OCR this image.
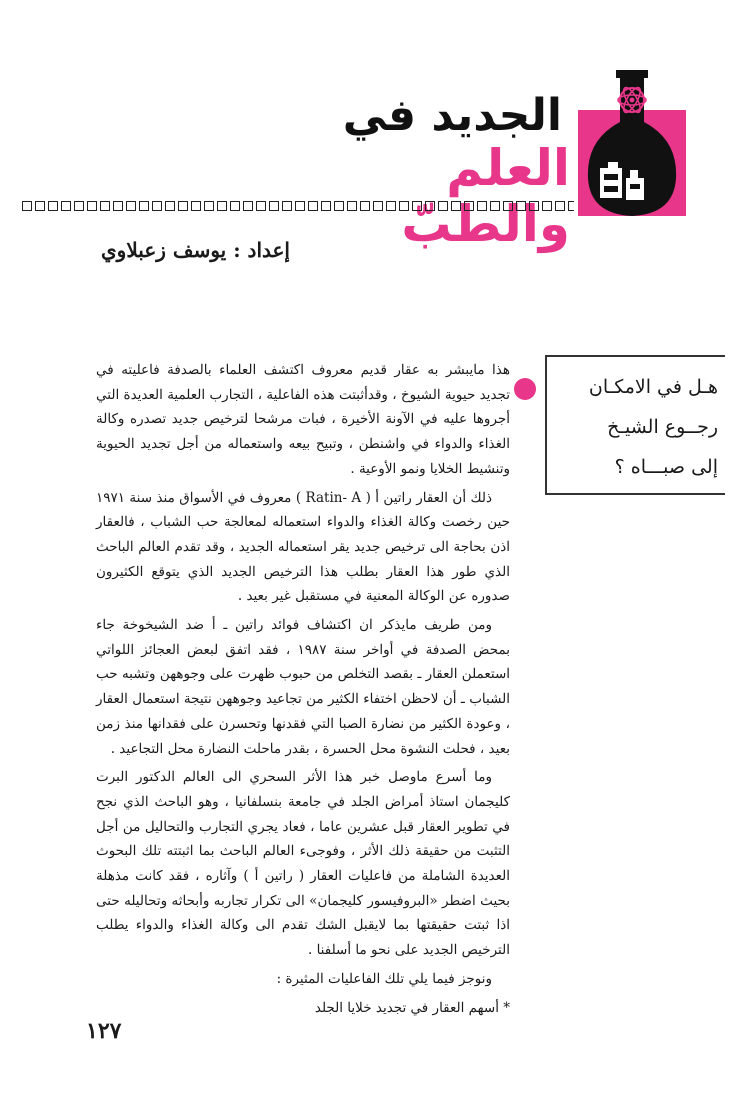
الجديد في
العلم والطبّ
إعداد : يوسف زعبلاوي
هـل في الامكـان
رجــوع الشيـخ
إلى صبـــاه ؟

هذا مايبشر به عقار قديم معروف اكتشف العلماء بالصدفة فاعليته في تجديد حيوية الشيوخ ، وقدأثبتت هذه الفاعلية ، التجارب العلمية العديدة التي أجروها عليه في الآونة الأخيرة ، فبات مرشحا لترخيص جديد تصدره وكالة الغذاء والدواء في واشنطن ، وتبيح بيعه واستعماله من أجل تجديد الحيوية وتنشيط الخلايا ونمو الأوعية .

ذلك أن العقار راتين أ ( Ratin- A ) معروف في الأسواق منذ سنة ١٩٧١ حين رخصت وكالة الغذاء والدواء استعماله لمعالجة حب الشباب ، فالعقار اذن بحاجة الى ترخيص جديد يقر استعماله الجديد ، وقد تقدم العالم الباحث الذي طور هذا العقار بطلب هذا الترخيص الجديد الذي يتوقع الكثيرون صدوره عن الوكالة المعنية في مستقبل غير بعيد .

ومن طريف مايذكر ان اكتشاف فوائد راتين ـ أ ضد الشيخوخة جاء بمحض الصدفة في أواخر سنة ١٩٨٧ ، فقد اتفق لبعض العجائز اللواتي استعملن العقار ـ بقصد التخلص من حبوب ظهرت على وجوههن وتشبه حب الشباب ـ أن لاحظن اختفاء الكثير من تجاعيد وجوههن نتيجة استعمال العقار ، وعودة الكثير من نضارة الصبا التي فقدنها وتحسرن على فقدانها منذ زمن بعيد ، فحلت النشوة محل الحسرة ، بقدر ماحلت النضارة محل التجاعيد .

وما أسرع ماوصل خبر هذا الأثر السحري الى العالم الدكتور البرت كليجمان استاذ أمراض الجلد في جامعة بنسلفانيا ، وهو الباحث الذي نجح في تطوير العقار قبل عشرين عاما ، فعاد يجري التجارب والتحاليل من أجل التثبت من حقيقة ذلك الأثر ، وفوجىء العالم الباحث بما اثبتته تلك البحوث العديدة الشاملة من فاعليات العقار ( راتين أ ) وآثاره ، فقد كانت مذهلة بحيث اضطر «البروفيسور كليجمان» الى تكرار تجاربه وأبحاثه وتحاليله حتى اذا ثبتت حقيقتها بما لايقبل الشك تقدم الى وكالة الغذاء والدواء يطلب الترخيص الجديد على نحو ما أسلفنا .

ونوجز فيما يلي تلك الفاعليات المثيرة :

* أسهم العقار في تجديد خلايا الجلد

١٢٧
